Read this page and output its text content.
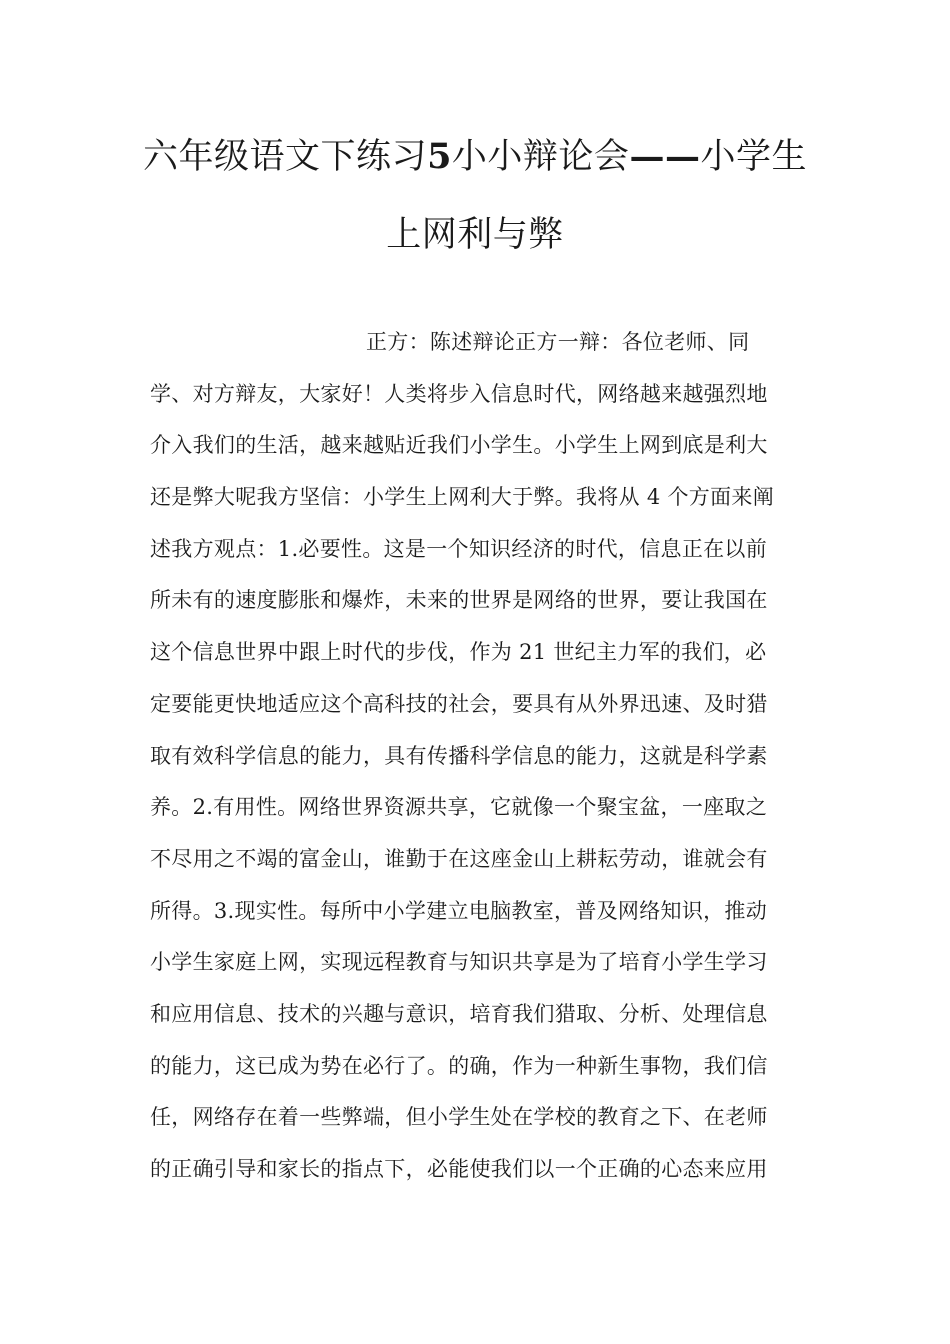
六年级语文下练习5小小辩论会——小学生
上网利与弊
正方：陈述辩论正方一辩：各位老师、同
学、对方辩友，大家好！人类将步入信息时代，网络越来越强烈地
介入我们的生活，越来越贴近我们小学生。小学生上网到底是利大
还是弊大呢我方坚信：小学生上网利大于弊。我将从 4 个方面来阐
述我方观点：1.必要性。这是一个知识经济的时代，信息正在以前
所未有的速度膨胀和爆炸，未来的世界是网络的世界，要让我国在
这个信息世界中跟上时代的步伐，作为 21 世纪主力军的我们，必
定要能更快地适应这个高科技的社会，要具有从外界迅速、及时猎
取有效科学信息的能力，具有传播科学信息的能力，这就是科学素
养。2.有用性。网络世界资源共享，它就像一个聚宝盆，一座取之
不尽用之不竭的富金山，谁勤于在这座金山上耕耘劳动，谁就会有
所得。3.现实性。每所中小学建立电脑教室，普及网络知识，推动
小学生家庭上网，实现远程教育与知识共享是为了培育小学生学习
和应用信息、技术的兴趣与意识，培育我们猎取、分析、处理信息
的能力，这已成为势在必行了。的确，作为一种新生事物，我们信
任，网络存在着一些弊端，但小学生处在学校的教育之下、在老师
的正确引导和家长的指点下，必能使我们以一个正确的心态来应用
